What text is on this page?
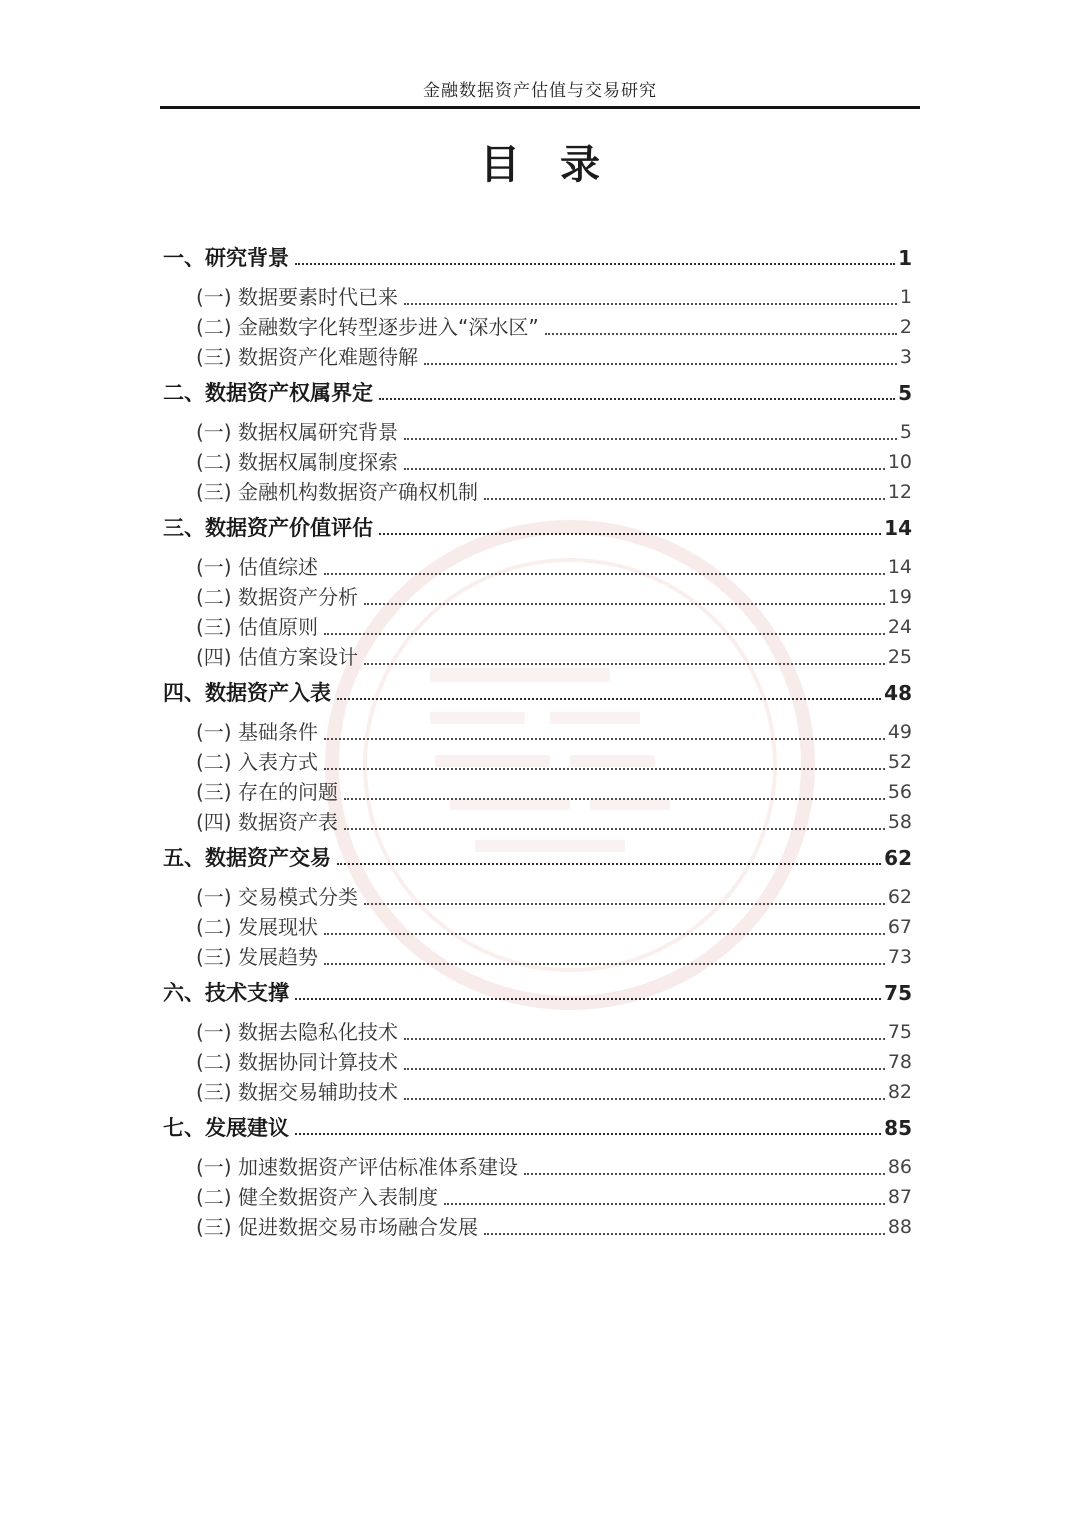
金融数据资产估值与交易研究
目　录
一、研究背景	1
(一) 数据要素时代已来	1
(二) 金融数字化转型逐步进入“深水区”	2
(三) 数据资产化难题待解	3
二、数据资产权属界定	5
(一) 数据权属研究背景	5
(二) 数据权属制度探索	10
(三) 金融机构数据资产确权机制	12
三、数据资产价值评估	14
(一) 估值综述	14
(二) 数据资产分析	19
(三) 估值原则	24
(四) 估值方案设计	25
四、数据资产入表	48
(一) 基础条件	49
(二) 入表方式	52
(三) 存在的问题	56
(四) 数据资产表	58
五、数据资产交易	62
(一) 交易模式分类	62
(二) 发展现状	67
(三) 发展趋势	73
六、技术支撑	75
(一) 数据去隐私化技术	75
(二) 数据协同计算技术	78
(三) 数据交易辅助技术	82
七、发展建议	85
(一) 加速数据资产评估标准体系建设	86
(二) 健全数据资产入表制度	87
(三) 促进数据交易市场融合发展	88
